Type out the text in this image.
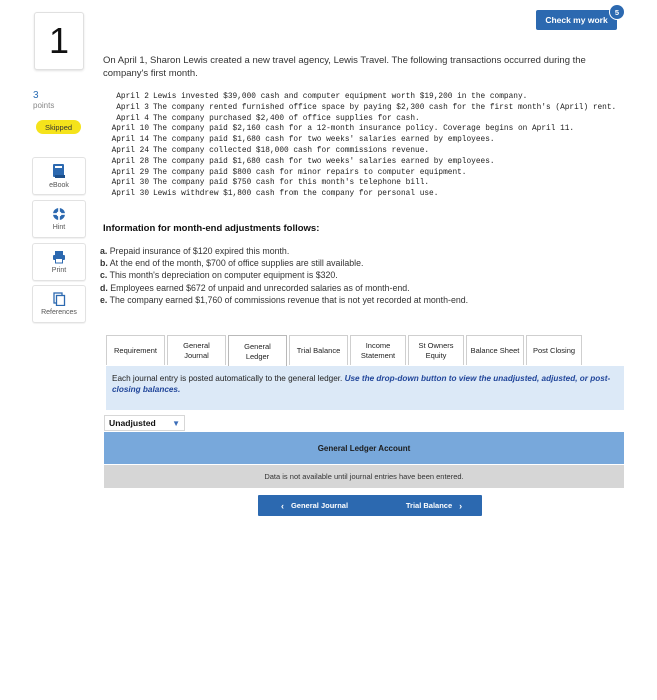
1
3
points
Skipped
eBook
Hint
Print
References
Check my work
5
On April 1, Sharon Lewis created a new travel agency, Lewis Travel. The following transactions occurred during the company's first month.
April 2 Lewis invested $39,000 cash and computer equipment worth $19,200 in the company.
April 3 The company rented furnished office space by paying $2,300 cash for the first month's (April) rent.
April 4 The company purchased $2,400 of office supplies for cash.
April 10 The company paid $2,160 cash for a 12-month insurance policy. Coverage begins on April 11.
April 14 The company paid $1,680 cash for two weeks' salaries earned by employees.
April 24 The company collected $18,000 cash for commissions revenue.
April 28 The company paid $1,680 cash for two weeks' salaries earned by employees.
April 29 The company paid $800 cash for minor repairs to computer equipment.
April 30 The company paid $750 cash for this month's telephone bill.
April 30 Lewis withdrew $1,800 cash from the company for personal use.
Information for month-end adjustments follows:
a. Prepaid insurance of $120 expired this month.
b. At the end of the month, $700 of office supplies are still available.
c. This month's depreciation on computer equipment is $320.
d. Employees earned $672 of unpaid and unrecorded salaries as of month-end.
e. The company earned $1,760 of commissions revenue that is not yet recorded at month-end.
Requirement
General Journal
General Ledger
Trial Balance
Income Statement
St Owners Equity
Balance Sheet	Post Closing
Each journal entry is posted automatically to the general ledger. Use the drop-down button to view the unadjusted, adjusted, or post-closing balances.
Unadjusted ▼
General Ledger Account
Data is not available until journal entries have been entered.
‹ General Journal	Trial Balance ›
